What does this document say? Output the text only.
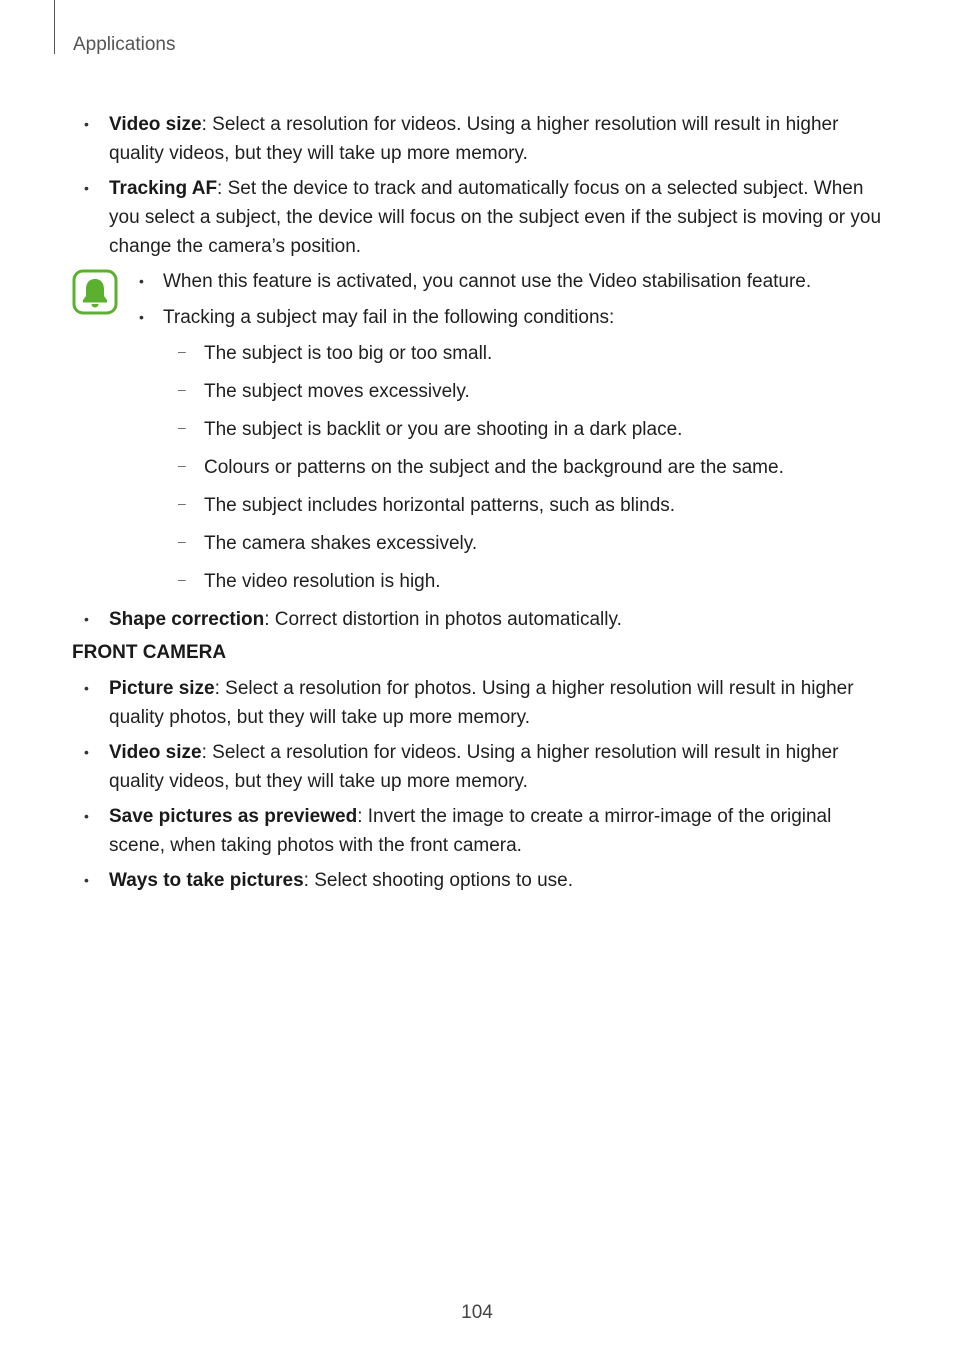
Applications
• Video size: Select a resolution for videos. Using a higher resolution will result in higher quality videos, but they will take up more memory.
• Tracking AF: Set the device to track and automatically focus on a selected subject. When you select a subject, the device will focus on the subject even if the subject is moving or you change the camera’s position.
• When this feature is activated, you cannot use the Video stabilisation feature.
• Tracking a subject may fail in the following conditions:
– The subject is too big or too small.
– The subject moves excessively.
– The subject is backlit or you are shooting in a dark place.
– Colours or patterns on the subject and the background are the same.
– The subject includes horizontal patterns, such as blinds.
– The camera shakes excessively.
– The video resolution is high.
• Shape correction: Correct distortion in photos automatically.
FRONT CAMERA
• Picture size: Select a resolution for photos. Using a higher resolution will result in higher quality photos, but they will take up more memory.
• Video size: Select a resolution for videos. Using a higher resolution will result in higher quality videos, but they will take up more memory.
• Save pictures as previewed: Invert the image to create a mirror-image of the original scene, when taking photos with the front camera.
• Ways to take pictures: Select shooting options to use.
104
